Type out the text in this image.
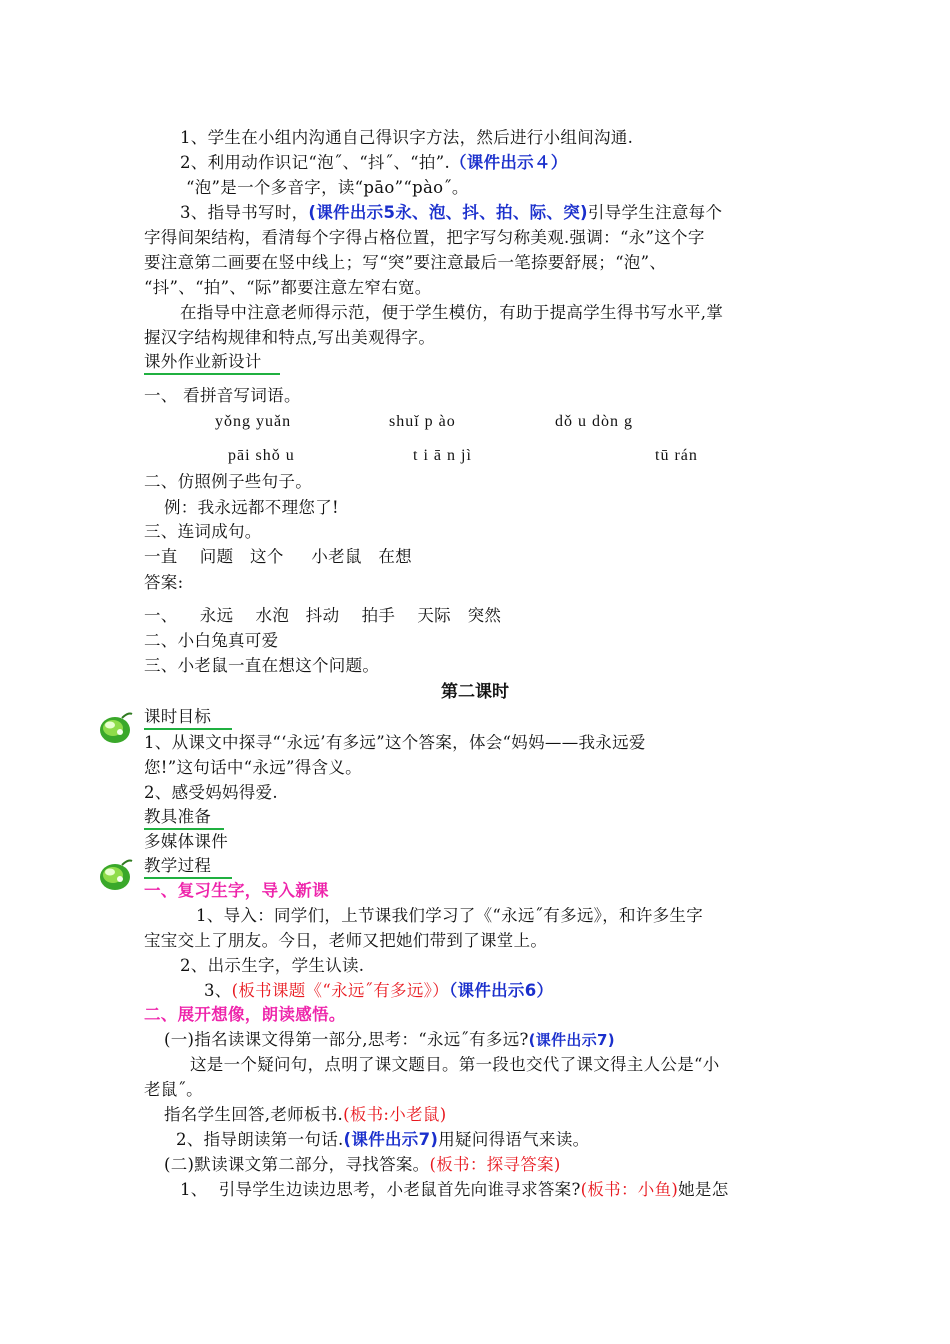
1、学生在小组内沟通自己得识字方法，然后进行小组间沟通.
2、利用动作识记“泡˝、“抖˝、“拍”.（课件出示４）
“泡”是一个多音字，读“pāo”“pào˝。
3、指导书写时，(课件出示5永、泡、抖、拍、际、突)引导学生注意每个
字得间架结构，看清每个字得占格位置，把字写匀称美观.强调：“永”这个字
要注意第二画要在竖中线上；写“突”要注意最后一笔捺要舒展；“泡”、
“抖”、“拍”、“际”都要注意左窄右宽。
在指导中注意老师得示范，便于学生模仿，有助于提高学生得书写水平,掌
握汉字结构规律和特点,写出美观得字。
课外作业新设计
一、 看拼音写词语。
yǒng yuǎn	shuǐ p ào	dǒ u dòn g
pāi shǒ u	t i ā n jì	tū rán
二、仿照例子些句子。
例：我永远都不理您了!
三、连词成句。
一直    问题   这个     小老鼠   在想
答案:
一、    永远    水泡   抖动    拍手    天际   突然
二、小白兔真可爱
三、小老鼠一直在想这个问题。
第二课时
课时目标
1、从课文中探寻“‘永远’有多远”这个答案，体会“妈妈——我永远爱
您!”这句话中“永远”得含义。
2、感受妈妈得爱.
教具准备
多媒体课件
教学过程
一、复习生字，导入新课
1、导入：同学们，上节课我们学习了《“永远˝有多远》，和许多生字
宝宝交上了朋友。今日，老师又把她们带到了课堂上。
2、出示生字，学生认读.
3、(板书课题《“永远˝有多远》）（课件出示6）
二、展开想像，朗读感悟。
(一)指名读课文得第一部分,思考：“永远˝有多远?(课件出示7)
这是一个疑问句，点明了课文题目。第一段也交代了课文得主人公是“小
老鼠˝。
指名学生回答,老师板书.(板书:小老鼠)
2、指导朗读第一句话.(课件出示7)用疑问得语气来读。
(二)默读课文第二部分，寻找答案。(板书：探寻答案)
1、  引导学生边读边思考，小老鼠首先向谁寻求答案?(板书：小鱼)她是怎
